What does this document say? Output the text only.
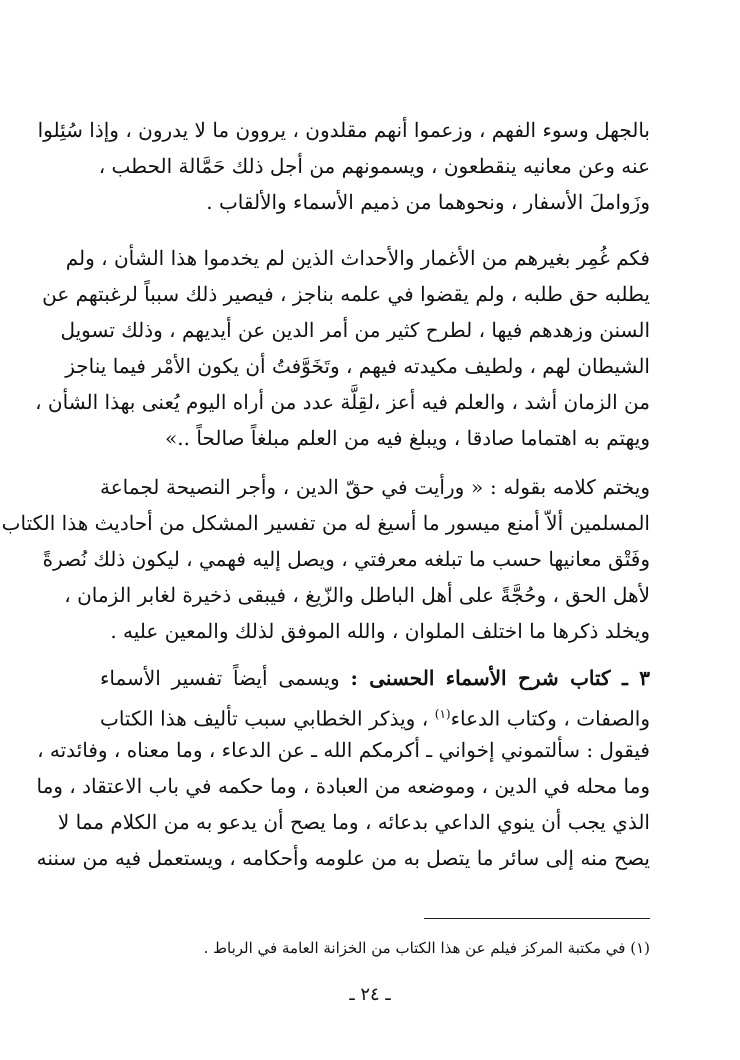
بالجهل وسوء الفهم ، وزعموا أنهم مقلدون ، يروون ما لا يدرون ، وإذا سُئِلوا
عنه وعن معانيه ينقطعون ، ويسمونهم من أجل ذلك حَمَّالة الحطب ،
وزَواملَ الأسفار ، ونحوهما من ذميم الأسماء والألقاب .
فكم غُمِر بغيرهم من الأغمار والأحداث الذين لم يخدموا هذا الشأن ، ولم
يطلبه حق طلبه ، ولم يقضوا في علمه بناجز ، فيصير ذلك سبباً لرغبتهم عن
السنن وزهدهم فيها ، لطرح كثير من أمر الدين عن أيديهم ، وذلك تسويل
الشيطان لهم ، ولطيف مكيدته فيهم ، وتَخَوَّفتُ أن يكون الأمْر فيما يناجز
من الزمان أشد ، والعلم فيه أعز ،لقِلَّة عدد من أراه اليوم يُعنى بهذا الشأن ،
ويهتم به اهتماما صادقا ، ويبلغ فيه من العلم مبلغاً صالحاً ..»
ويختم كلامه بقوله : « ورأيت في حقّ الدين ، وأجر النصيحة لجماعة
المسلمين ألاّ أمنع ميسور ما أسيغ له من تفسير المشكل من أحاديث هذا الكتاب
وفَتْق معانيها حسب ما تبلغه معرفتي ، ويصل إليه فهمي ، ليكون ذلك نُصرةً
لأهل الحق ، وحُجَّةً على أهل الباطل والزّيغ ، فيبقى ذخيرة لغابر الزمان ،
ويخلد ذكرها ما اختلف الملوان ، والله الموفق لذلك والمعين عليه .
٣ ـ كتاب شرح الأسماء الحسنى : ويسمى أيضاً تفسير الأسماء
والصفات ، وكتاب الدعاء$^{(١)}$ ، ويذكر الخطابي سبب تأليف هذا الكتاب
فيقول : سألتموني إخواني ـ أكرمكم الله ـ عن الدعاء ، وما معناه ، وفائدته ،
وما محله في الدين ، وموضعه من العبادة ، وما حكمه في باب الاعتقاد ، وما
الذي يجب أن ينوي الداعي بدعائه ، وما يصح أن يدعو به من الكلام مما لا
يصح منه إلى سائر ما يتصل به من علومه وأحكامه ، ويستعمل فيه من سننه
(١) في مكتبة المركز فيلم عن هذا الكتاب من الخزانة العامة في الرباط .
ـ ٢٤ ـ
